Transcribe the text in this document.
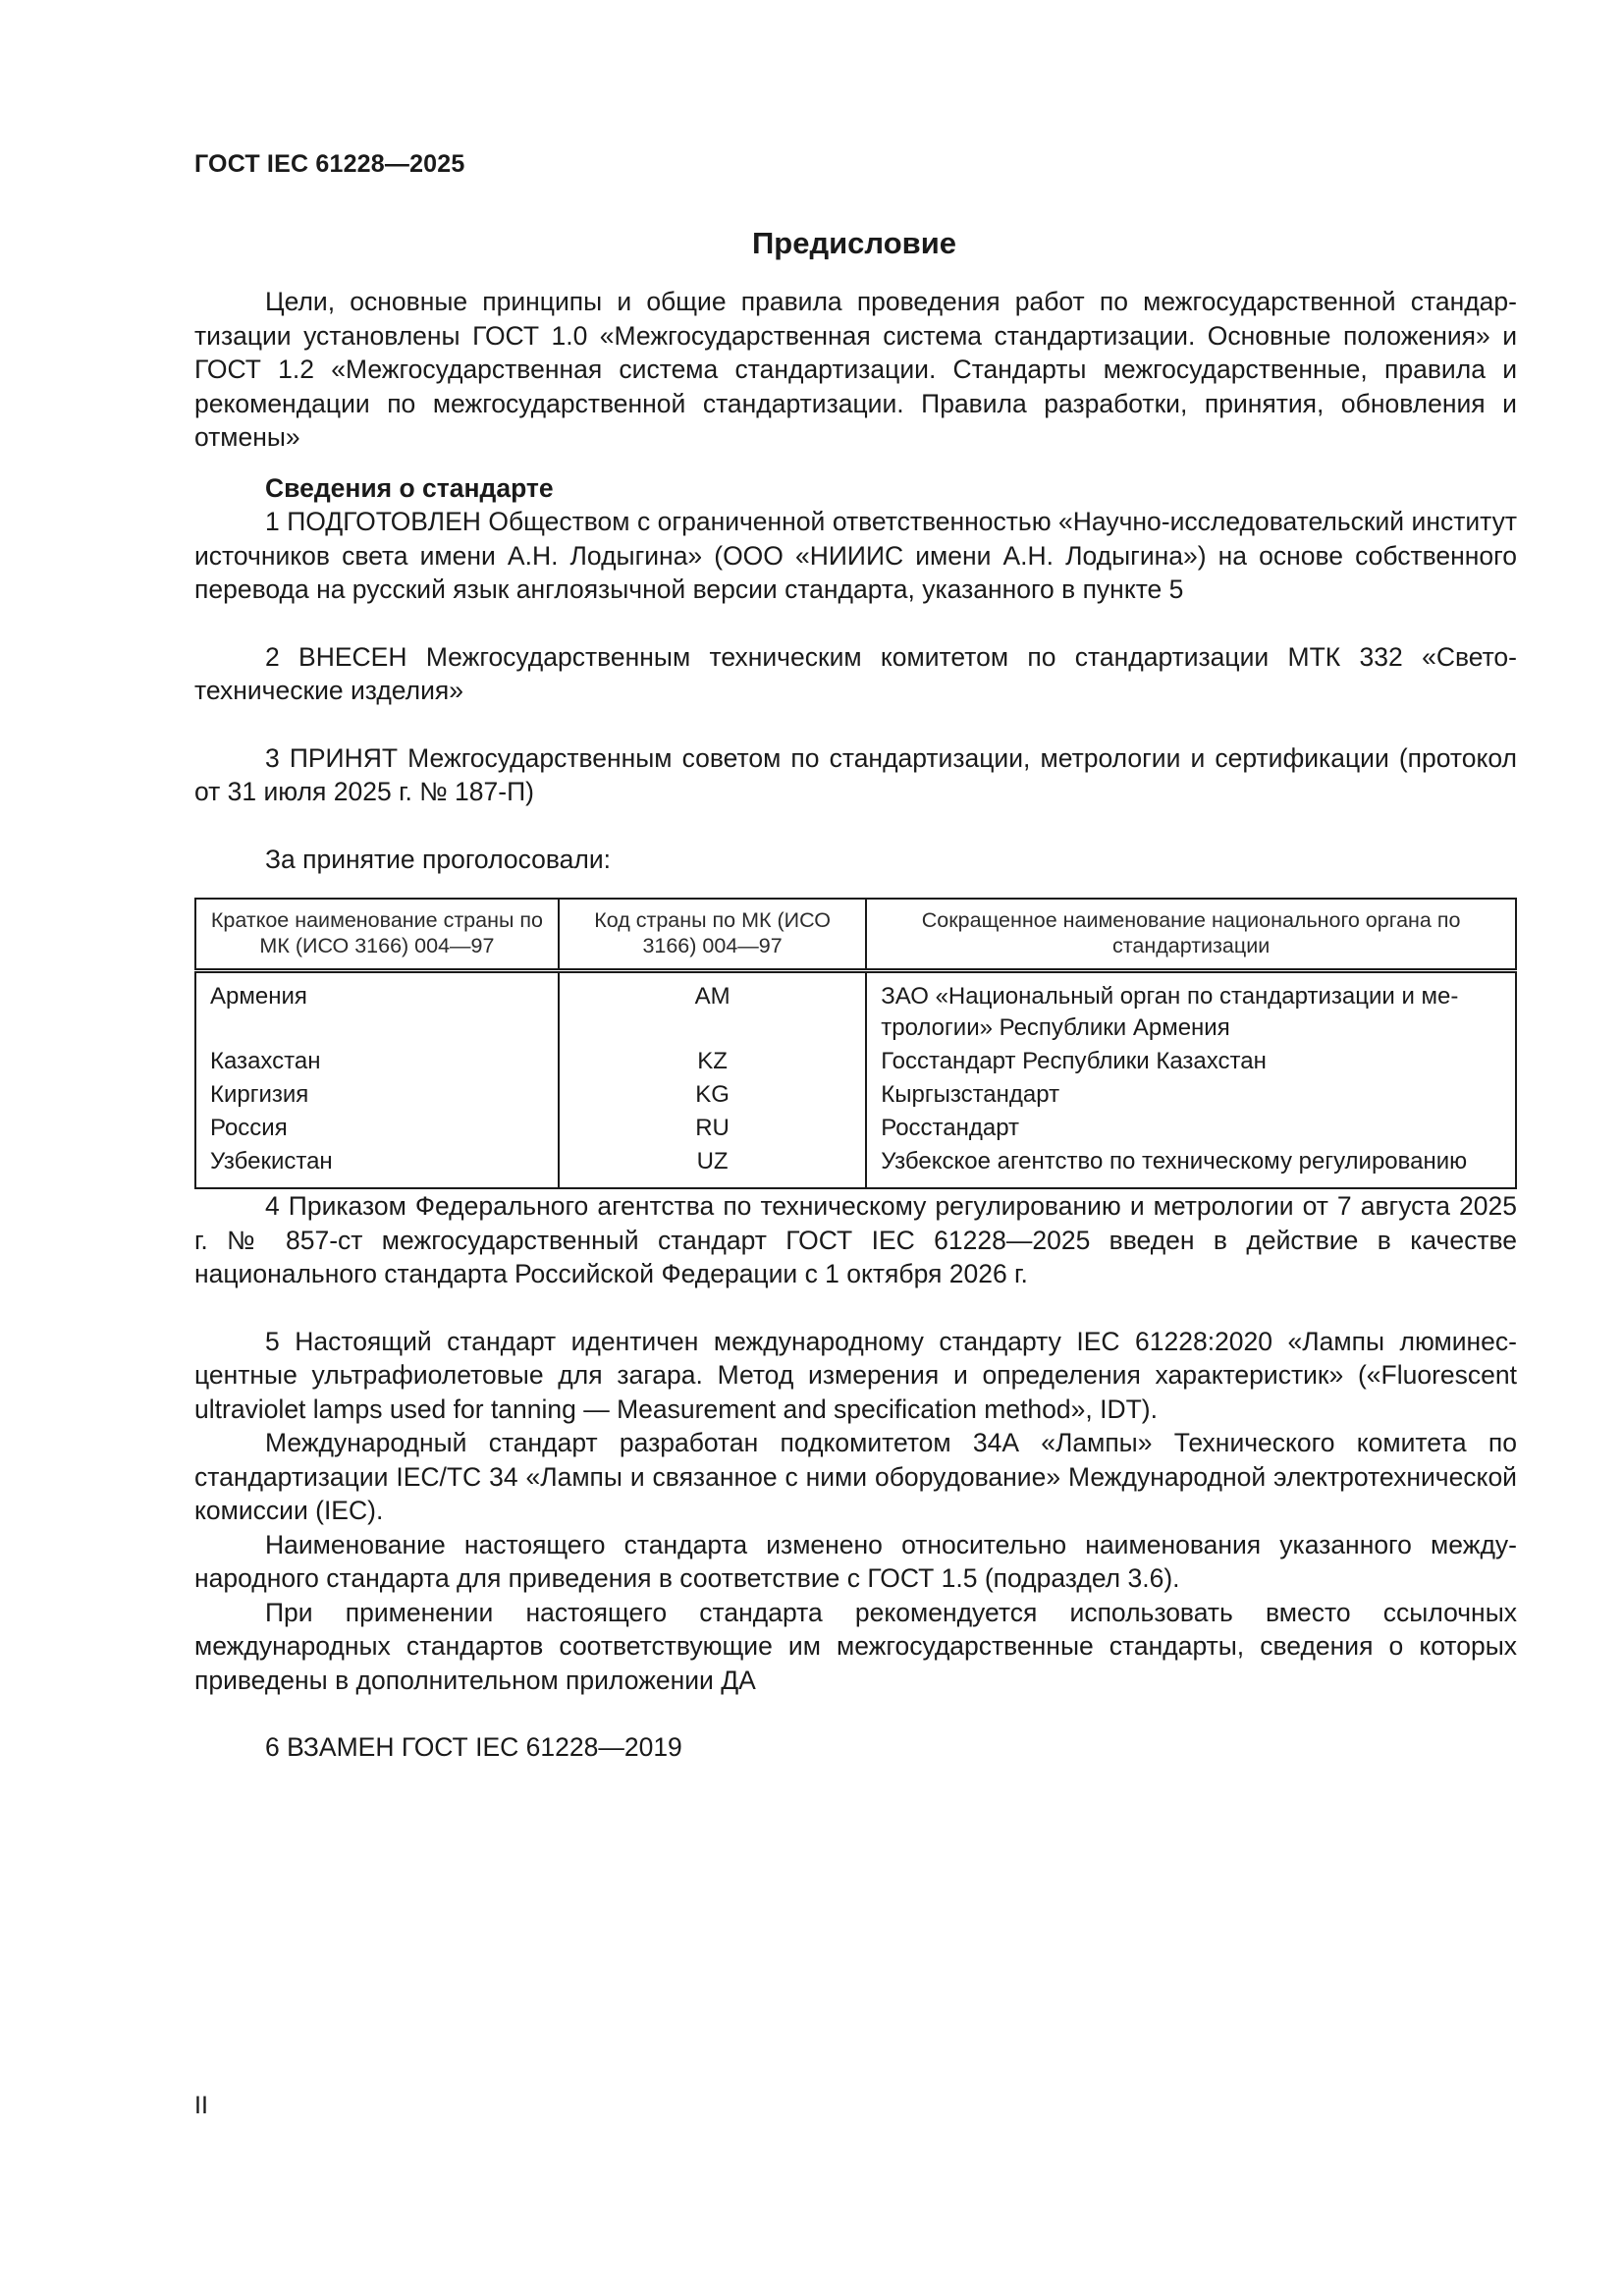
ГОСТ IEC 61228—2025
Предисловие

Цели, основные принципы и общие правила проведения работ по межгосударственной стандартизации установлены ГОСТ 1.0 «Межгосударственная система стандартизации. Основные положения» и ГОСТ 1.2 «Межгосударственная система стандартизации. Стандарты межгосударственные, правила и рекомендации по межгосударственной стандартизации. Правила разработки, принятия, обновления и отмены»

Сведения о стандарте

1 ПОДГОТОВЛЕН Обществом с ограниченной ответственностью «Научно-исследовательский институт источников света имени А.Н. Лодыгина» (ООО «НИИИС имени А.Н. Лодыгина») на основе собственного перевода на русский язык англоязычной версии стандарта, указанного в пункте 5

2 ВНЕСЕН Межгосударственным техническим комитетом по стандартизации МТК 332 «Светотехнические изделия»

3 ПРИНЯТ Межгосударственным советом по стандартизации, метрологии и сертификации (протокол от 31 июля 2025 г. № 187-П)

За принятие проголосовали:

Краткое наименование страны по МК (ИСО 3166) 004—97	Код страны по МК (ИСО 3166) 004—97	Сокращенное наименование национального органа по стандартизации
Армения	AM	ЗАО «Национальный орган по стандартизации и метрологии» Республики Армения
Казахстан	KZ	Госстандарт Республики Казахстан
Киргизия	KG	Кыргызстандарт
Россия	RU	Росстандарт
Узбекистан	UZ	Узбекское агентство по техническому регулированию

4 Приказом Федерального агентства по техническому регулированию и метрологии от 7 августа 2025 г. № 857-ст межгосударственный стандарт ГОСТ IEC 61228—2025 введен в действие в качестве национального стандарта Российской Федерации с 1 октября 2026 г.

5 Настоящий стандарт идентичен международному стандарту IEC 61228:2020 «Лампы люминесцентные ультрафиолетовые для загара. Метод измерения и определения характеристик» («Fluorescent ultraviolet lamps used for tanning — Measurement and specification method», IDT).

Международный стандарт разработан подкомитетом 34А «Лампы» Технического комитета по стандартизации IEC/TC 34 «Лампы и связанное с ними оборудование» Международной электротехнической комиссии (IEC).

Наименование настоящего стандарта изменено относительно наименования указанного международного стандарта для приведения в соответствие с ГОСТ 1.5 (подраздел 3.6).

При применении настоящего стандарта рекомендуется использовать вместо ссылочных международных стандартов соответствующие им межгосударственные стандарты, сведения о которых приведены в дополнительном приложении ДА

6 ВЗАМЕН ГОСТ IEC 61228—2019

II
